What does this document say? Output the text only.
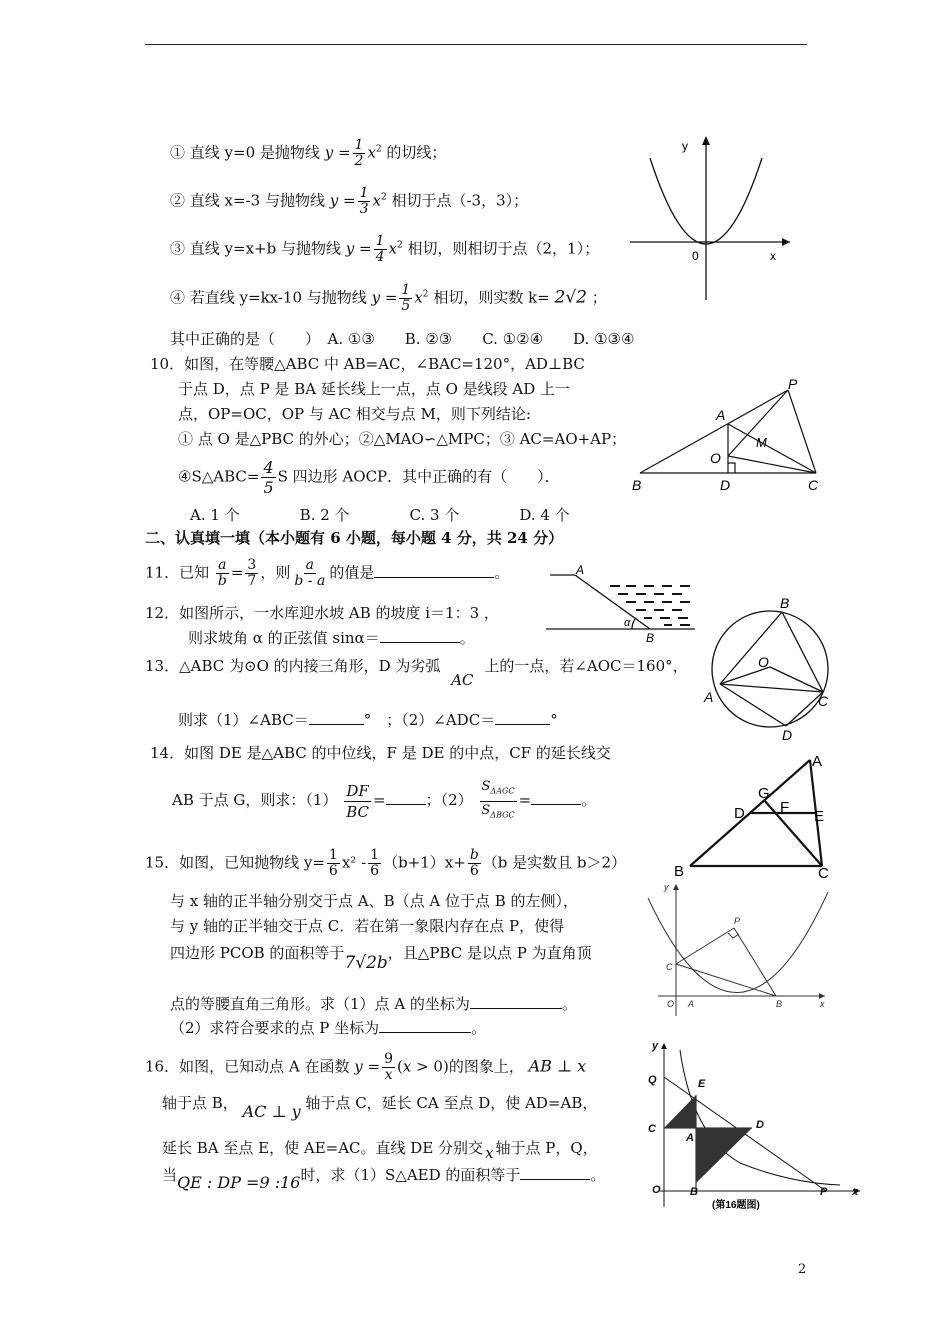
① 直线 y=0 是抛物线 $y = \frac{1}{2} x^2$ 的切线；
② 直线 x=-3 与抛物线 $y = \frac{1}{3} x^2$ 相切于点（-3，3）；
③ 直线 y=x+b 与抛物线 $y = \frac{1}{4} x^2$ 相切，则相切于点（2，1）；
④ 若直线 y=kx-10 与抛物线 $y = \frac{1}{5} x^2$ 相切，则实数 k= 2√2 ；
其中正确的是（　　）　A. ①③　　B. ②③　　C. ①②④　　D. ①③④
y
x
0
10．如图，在等腰△ABC 中 AB=AC，∠BAC=120°，AD⊥BC
于点 D，点 P 是 BA 延长线上一点，点 O 是线段 AD 上一
点，OP=OC，OP 与 AC 相交与点 M，则下列结论:
① 点 O 是△PBC 的外心；②△MAO∽△MPC；③ AC=AO+AP；
④S△ABC= $\frac{4}{5}$ S 四边形 AOCP．其中正确的有（　　）．
A. 1 个　　　　B. 2 个　　　　C. 3 个　　　　D. 4 个
P
A
M
O
B	D	C
二、认真填一填（本小题有 6 小题，每小题 4 分，共 24 分）
11．已知 $\frac{a}{b} = \frac{3}{7}$ ，则 $\frac{a}{b - a}$ 的值是	。
12．如图所示，一水库迎水坡 AB 的坡度 i＝1：3 ，
则求坡角 α 的正弦值 sinα＝	。
A
B
α
13．△ABC 为⊙O 的内接三角形，D 为劣弧 AC 上的一点，若∠AOC＝160°，
则求（1）∠ABC＝	°　；（2）∠ADC＝	°
B
O
A	C
D
14．如图 DE 是△ABC 的中位线，F 是 DE 的中点，CF 的延长线交
AB 于点 G，则求：$(1) \frac{DF}{BC}$ =	；$(2) \frac{S_{\Delta AGC}}{S_{\Delta BGC}}$ =	。
A
G
D F
E
B	C
15．如图，已知抛物线 $y= \frac{1}{6} x^2 - \frac{1}{6} (b+1)x+ \frac{b}{6} (b$ 是实数且 b＞2）
与 x 轴的正半轴分别交于点 A、B（点 A 位于点 B 的左侧），
与 y 轴的正半轴交于点 C．若在第一象限内存在点 P，使得
四边形 PCOB 的面积等于7√2b，且△PBC 是以点 P 为直角顶
点的等腰直角三角形。求（1）点 A 的坐标为	。
（2）求符合要求的点 P 坐标为	。
y
P
C
O A	B	x
16．如图，已知动点 A 在函数 $y = \frac{9}{x} (x > 0)$的图象上， AB ⊥ x
轴于点 B， AC ⊥ y 轴于点 C，延长 CA 至点 D，使 AD=AB，
延长 BA 至点 E，使 AE=AC。直线 DE 分别交 x 轴于点 P，Q，
当QE : DP =9 :16时，求（1）S△AED 的面积等于	。
y
Q	E
C
A
D
O	B	P x
(第16题图)
2
